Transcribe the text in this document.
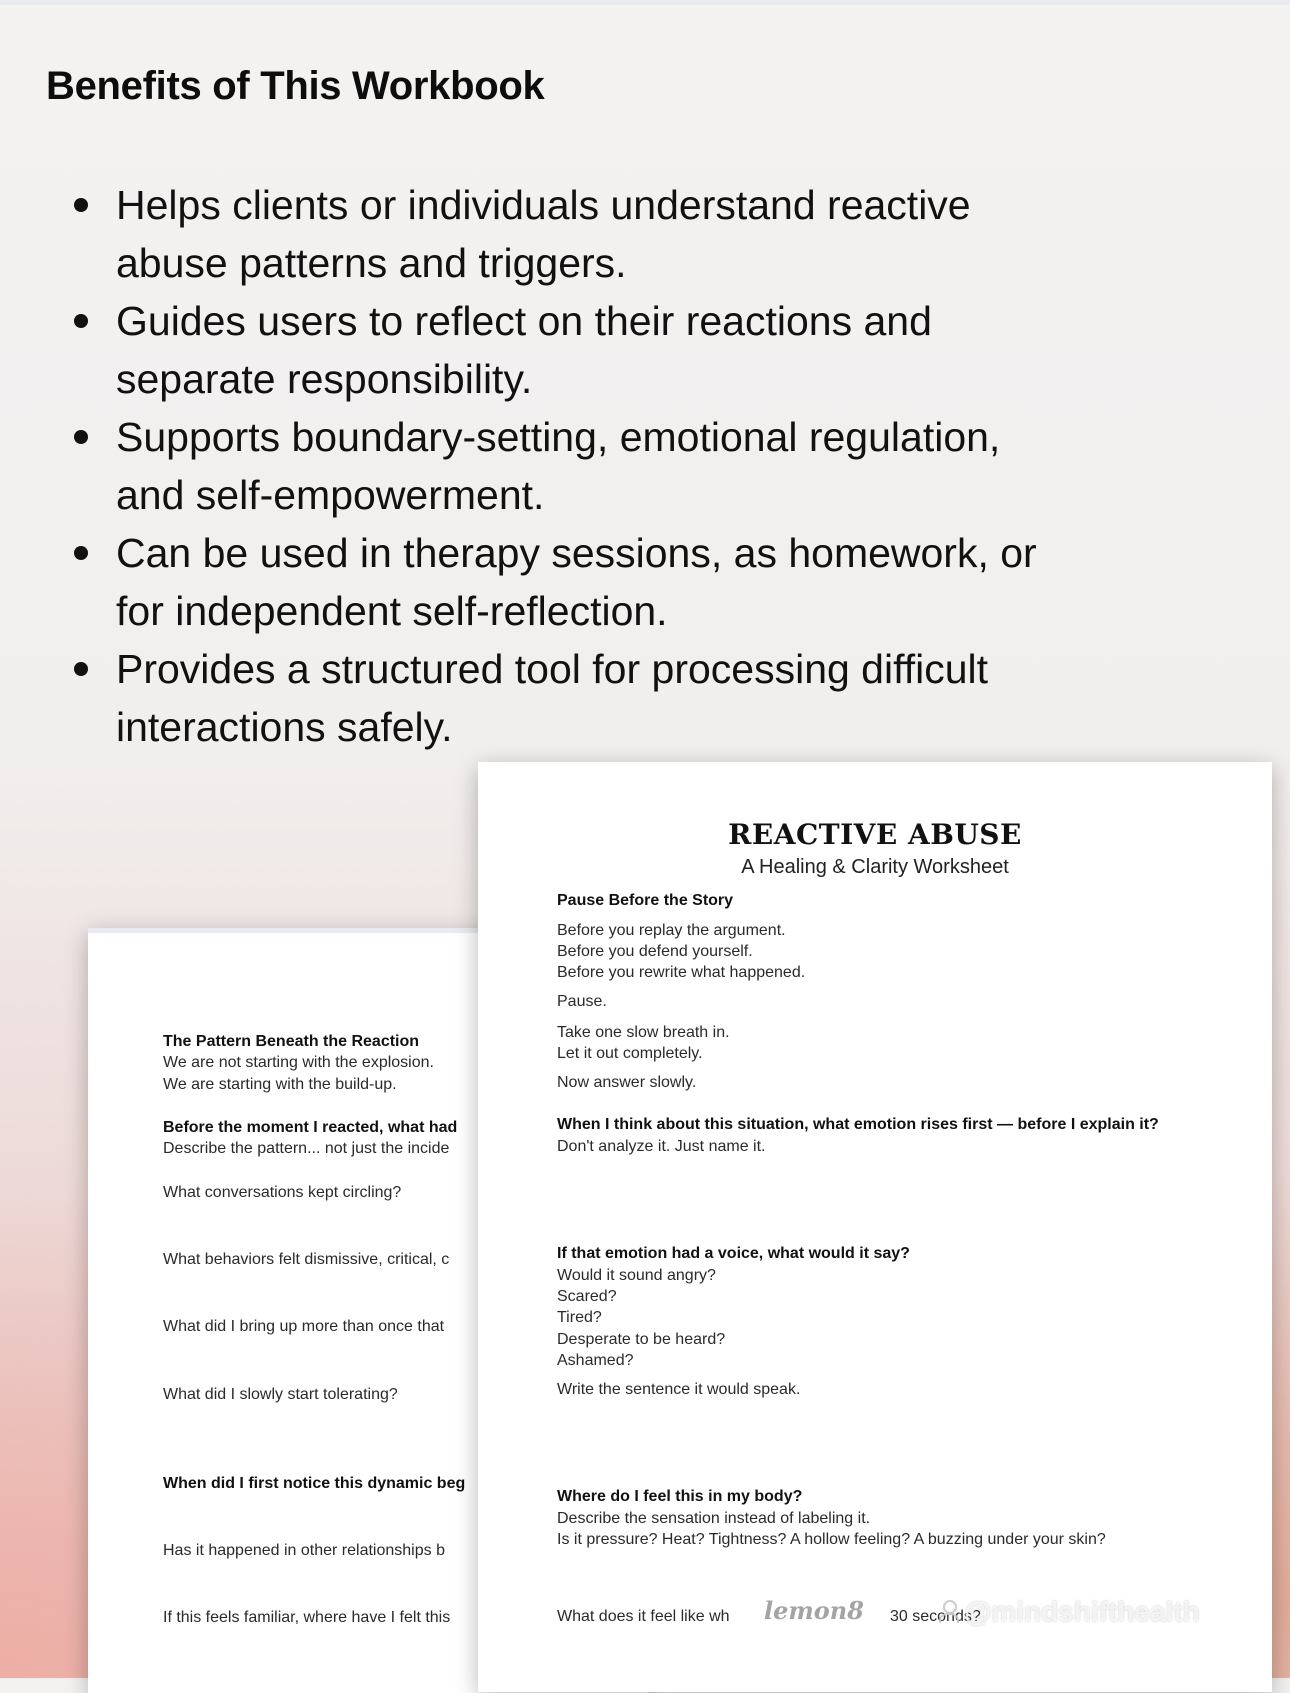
Benefits of This Workbook
Helps clients or individuals understand reactive
abuse patterns and triggers.
Guides users to reflect on their reactions and
separate responsibility.
Supports boundary-setting, emotional regulation,
and self-empowerment.
Can be used in therapy sessions, as homework, or
for independent self-reflection.
Provides a structured tool for processing difficult
interactions safely.
The Pattern Beneath the Reaction
We are not starting with the explosion.
We are starting with the build-up.
Before the moment I reacted, what had
Describe the pattern... not just the incide
What conversations kept circling?
What behaviors felt dismissive, critical, c
What did I bring up more than once that
What did I slowly start tolerating?
When did I first notice this dynamic beg
Has it happened in other relationships b
If this feels familiar, where have I felt this
REACTIVE ABUSE
A Healing & Clarity Worksheet
Pause Before the Story
Before you replay the argument.
Before you defend yourself.
Before you rewrite what happened.
Pause.
Take one slow breath in.
Let it out completely.
Now answer slowly.
When I think about this situation, what emotion rises first — before I explain it?
Don't analyze it. Just name it.
If that emotion had a voice, what would it say?
Would it sound angry?
Scared?
Tired?
Desperate to be heard?
Ashamed?
Write the sentence it would speak.
Where do I feel this in my body?
Describe the sensation instead of labeling it.
Is it pressure? Heat? Tightness? A hollow feeling? A buzzing under your skin?
What does it feel like wh	30 seconds?
lemon8	@mindshifthealth
